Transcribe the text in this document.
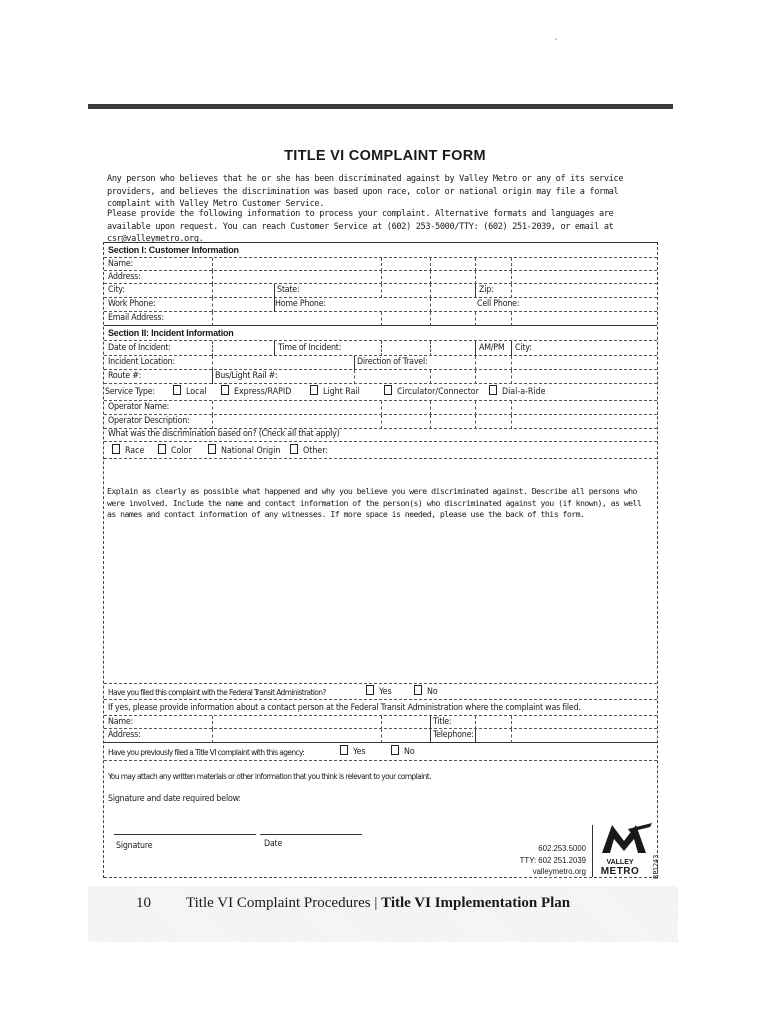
TITLE VI COMPLAINT FORM
Any person who believes that he or she has been discriminated against by Valley Metro or any of its service providers, and believes the discrimination was based upon race, color or national origin may file a formal complaint with Valley Metro Customer Service.
Please provide the following information to process your complaint. Alternative formats and languages are available upon request. You can reach Customer Service at (602) 253-5000/TTY: (602) 251-2039, or email at csr@valleymetro.org.
Section I: Customer Information
Name:
Address:
City:	State:	Zip:
Work Phone:	Home Phone:	Cell Phone:
Email Address:
Section II: Incident Information
Date of Incident:	Time of Incident:	AM/PM City:
Incident Location:	Direction of Travel:
Route #:	Bus/Light Rail #:
Service Type:	Local	Express/RAPID	Light Rail	Circulator/Connector	Dial-a-Ride
Operator Name:
Operator Description:
What was the discrimination based on? (Check all that apply)
Race	Color	National Origin	Other:
Explain as clearly as possible what happened and why you believe you were discriminated against. Describe all persons who were involved. Include the name and contact information of the person(s) who discriminated against you (if known), as well as names and contact information of any witnesses. If more space is needed, please use the back of this form.
Have you filed this complaint with the Federal Transit Administration?	Yes	No
If yes, please provide information about a contact person at the Federal Transit Administration where the complaint was filed.
Name:	Title:
Address:	Telephone:
Have you previously filed a Title VI complaint with this agency:	Yes	No
You may attach any written materials or other information that you think is relevant to your complaint.
Signature and date required below:
Signature	Date	602.253.5000
TTY: 602 251.2039
valleymetro.org
VALLEY
METRO	RP1243
10 Title VI Complaint Procedures | Title VI Implementation Plan
